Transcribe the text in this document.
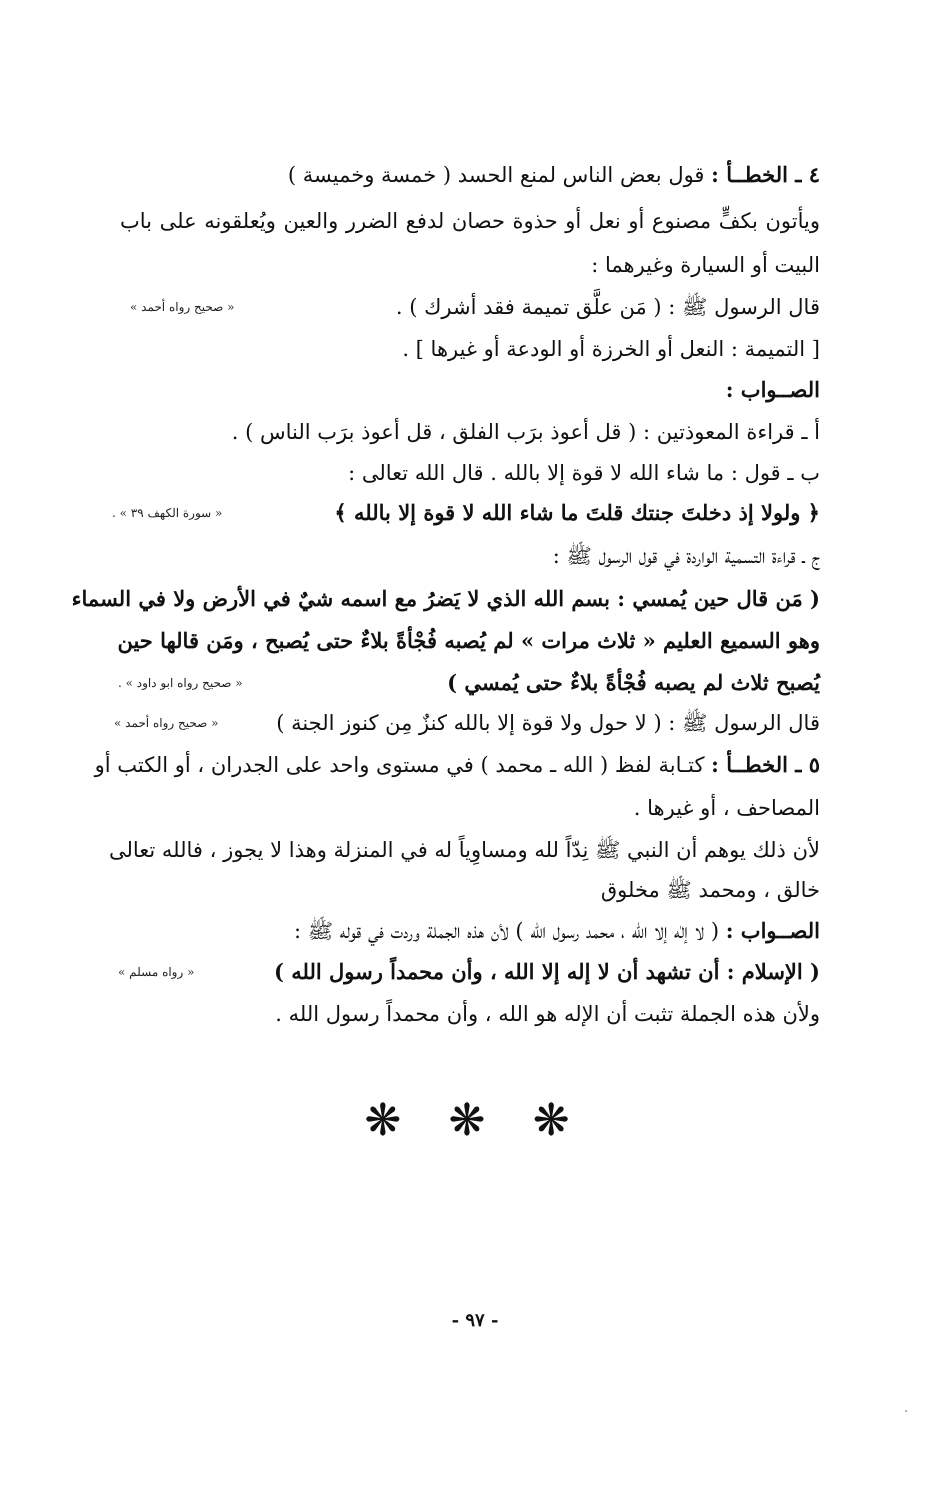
٤ ـ الخطــأ : قول بعض الناس لمنع الحسد ( خمسة وخميسة )
ويأتون بكفٍّ مصنوع أو نعل أو حذوة حصان لدفع الضرر والعين ويُعلقونه على باب
البيت أو السيارة وغيرهما :
قال الرسول ﷺ : ( مَن علَّق تميمة فقد أشرك ) .
« صحيح رواه أحمد »
[ التميمة : النعل أو الخرزة أو الودعة أو غيرها ] .
الصــواب :
أ ـ قراءة المعوذتين : ( قل أعوذ برَب الفلق ، قل أعوذ برَب الناس ) .
ب ـ قول : ما شاء الله لا قوة إلا بالله . قال الله تعالى :
﴿ ولولا إذ دخلتَ جنتك قلتَ ما شاء الله لا قوة إلا بالله ﴾
« سورة الكهف ٣٩ » .
ج ـ قراءة التسمية الواردة في قول الرسول ﷺ :
( مَن قال حين يُمسي : بسم الله الذي لا يَضرُ مع اسمه شيٌ في الأرض ولا في السماء
وهو السميع العليم « ثلاث مرات » لم يُصبه فُجْأةً بلاءٌ حتى يُصبح ، ومَن قالها حين
يُصبح ثلاث لم يصبه فُجْأةً بلاءٌ حتى يُمسي )
« صحيح رواه ابو داود » .
قال الرسول ﷺ : ( لا حول ولا قوة إلا بالله كنزٌ مِن كنوز الجنة )
« صحيح رواه أحمد »
٥ ـ الخطــأ : كتـابة لفظ ( الله ـ محمد ) في مستوى واحد على الجدران ، أو الكتب أو
المصاحف ، أو غيرها .
لأن ذلك يوهم أن النبي ﷺ نِدّاً لله ومساوِياً له في المنزلة وهذا لا يجوز ، فالله تعالى
خالق ، ومحمد ﷺ مخلوق
الصــواب : ( لا إلٰه إلا الله ، محمد رسول الله ) لأن هذه الجملة وردت في قوله ﷺ :
( الإسلام : أن تشهد أن لا إله إلا الله ، وأن محمداً رسول الله )
« رواه مسلم »
ولأن هذه الجملة تثبت أن الإله هو الله ، وأن محمداً رسول الله .
❋ ❋ ❋
- ٩٧ -
